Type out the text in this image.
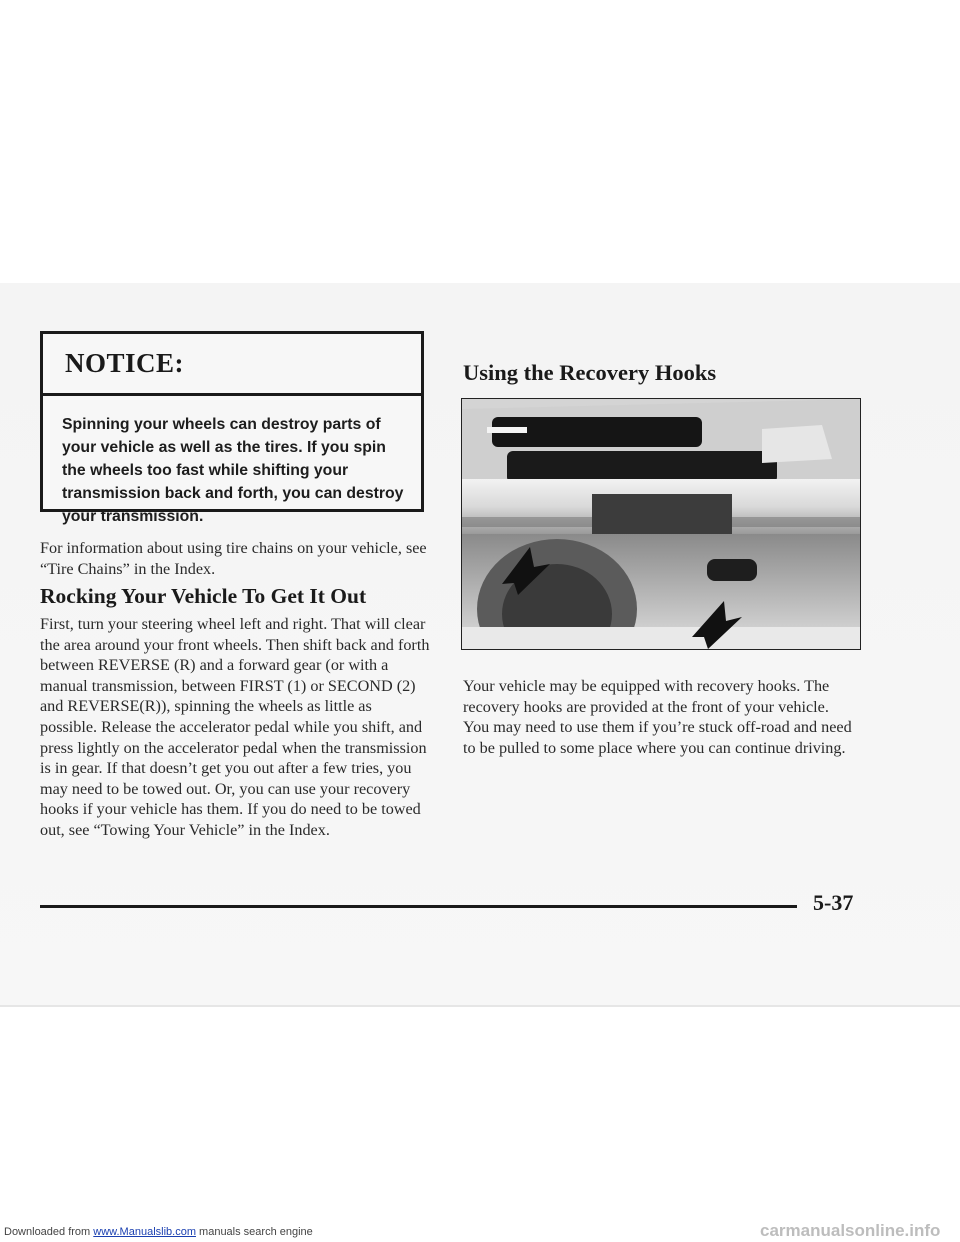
NOTICE:
Spinning your wheels can destroy parts of your vehicle as well as the tires. If you spin the wheels too fast while shifting your transmission back and forth, you can destroy your transmission.
For information about using tire chains on your vehicle, see “Tire Chains” in the Index.
Rocking Your Vehicle To Get It Out
First, turn your steering wheel left and right. That will clear the area around your front wheels. Then shift back and forth between REVERSE (R) and a forward gear (or with a manual transmission, between FIRST (1) or SECOND (2) and REVERSE(R)), spinning the wheels as little as possible. Release the accelerator pedal while you shift, and press lightly on the accelerator pedal when the transmission is in gear. If that doesn’t get you out after a few tries, you may need to be towed out. Or, you can use your recovery hooks if your vehicle has them. If you do need to be towed out, see “Towing Your Vehicle” in the Index.
Using the Recovery Hooks
Your vehicle may be equipped with recovery hooks. The recovery hooks are provided at the front of your vehicle. You may need to use them if you’re stuck off-road and need to be pulled to some place where you can continue driving.
5-37
Downloaded from www.Manualslib.com manuals search engine	carmanualsonline.info
